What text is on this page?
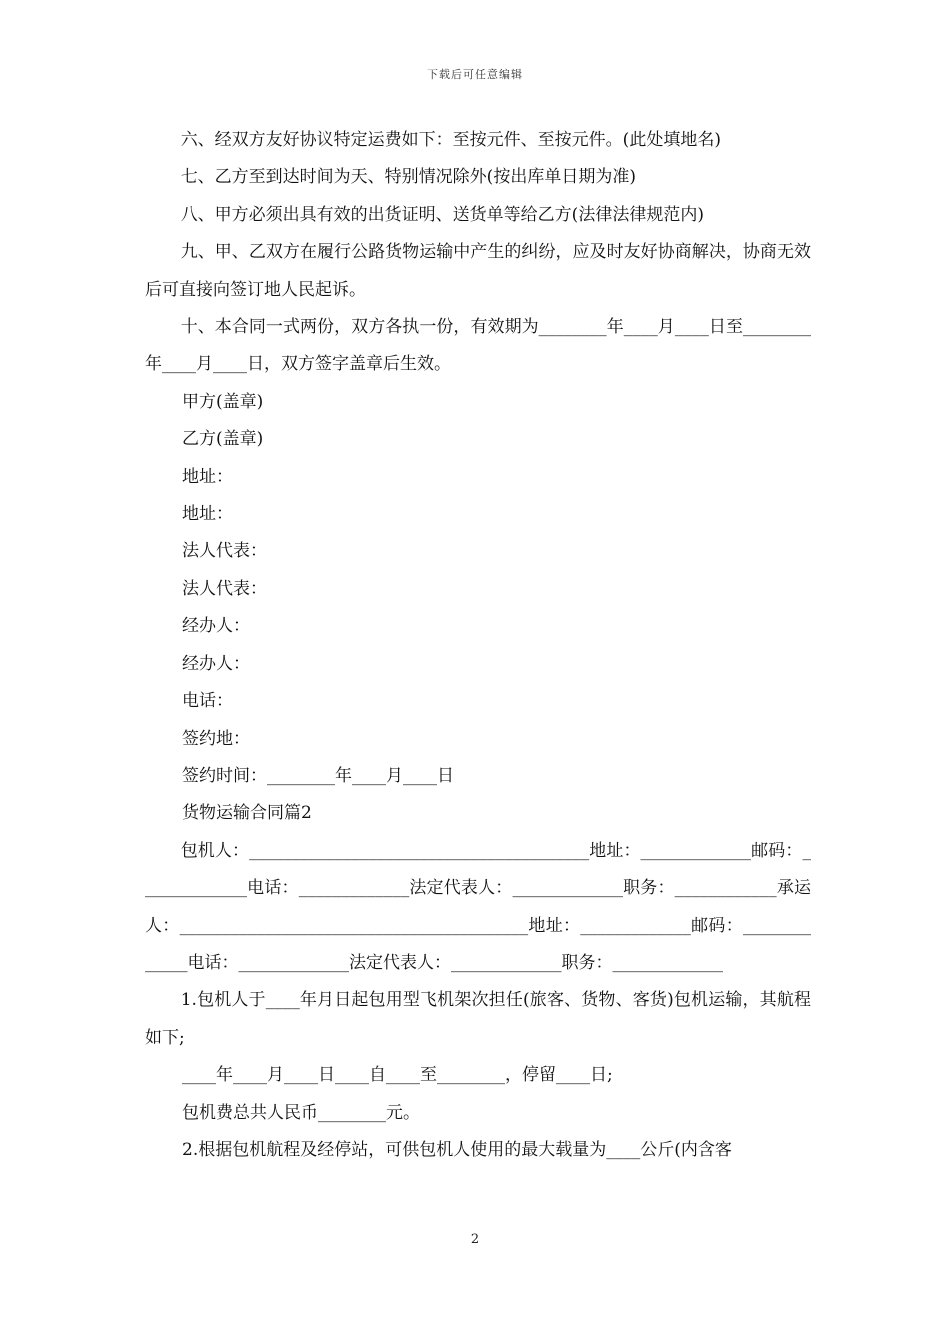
下载后可任意编辑

六、经双方友好协议特定运费如下：至按元件、至按元件。(此处填地名)

七、乙方至到达时间为天、特别情况除外(按出库单日期为准)

八、甲方必须出具有效的出货证明、送货单等给乙方(法律法律规范内)

九、甲、乙双方在履行公路货物运输中产生的纠纷，应及时友好协商解决，协商无效后可直接向签订地人民起诉。

十、本合同一式两份，双方各执一份，有效期为________年____月____日至________年____月____日，双方签字盖章后生效。

甲方(盖章)

乙方(盖章)

地址：

地址：

法人代表：

法人代表：

经办人：

经办人：

电话：

签约地：

签约时间：________年____月____日

货物运输合同篇2

包机人：________________________________________地址：_____________邮码：_____________电话：_____________法定代表人：_____________职务：____________承运人：_________________________________________地址：_____________邮码：_____________电话：_____________法定代表人：_____________职务：_____________

1.包机人于____年月日起包用型飞机架次担任(旅客、货物、客货)包机运输，其航程如下;

____年____月____日____自____至________，停留____日;

包机费总共人民币________元。

2.根据包机航程及经停站，可供包机人使用的最大载量为____公斤(内含客

2
